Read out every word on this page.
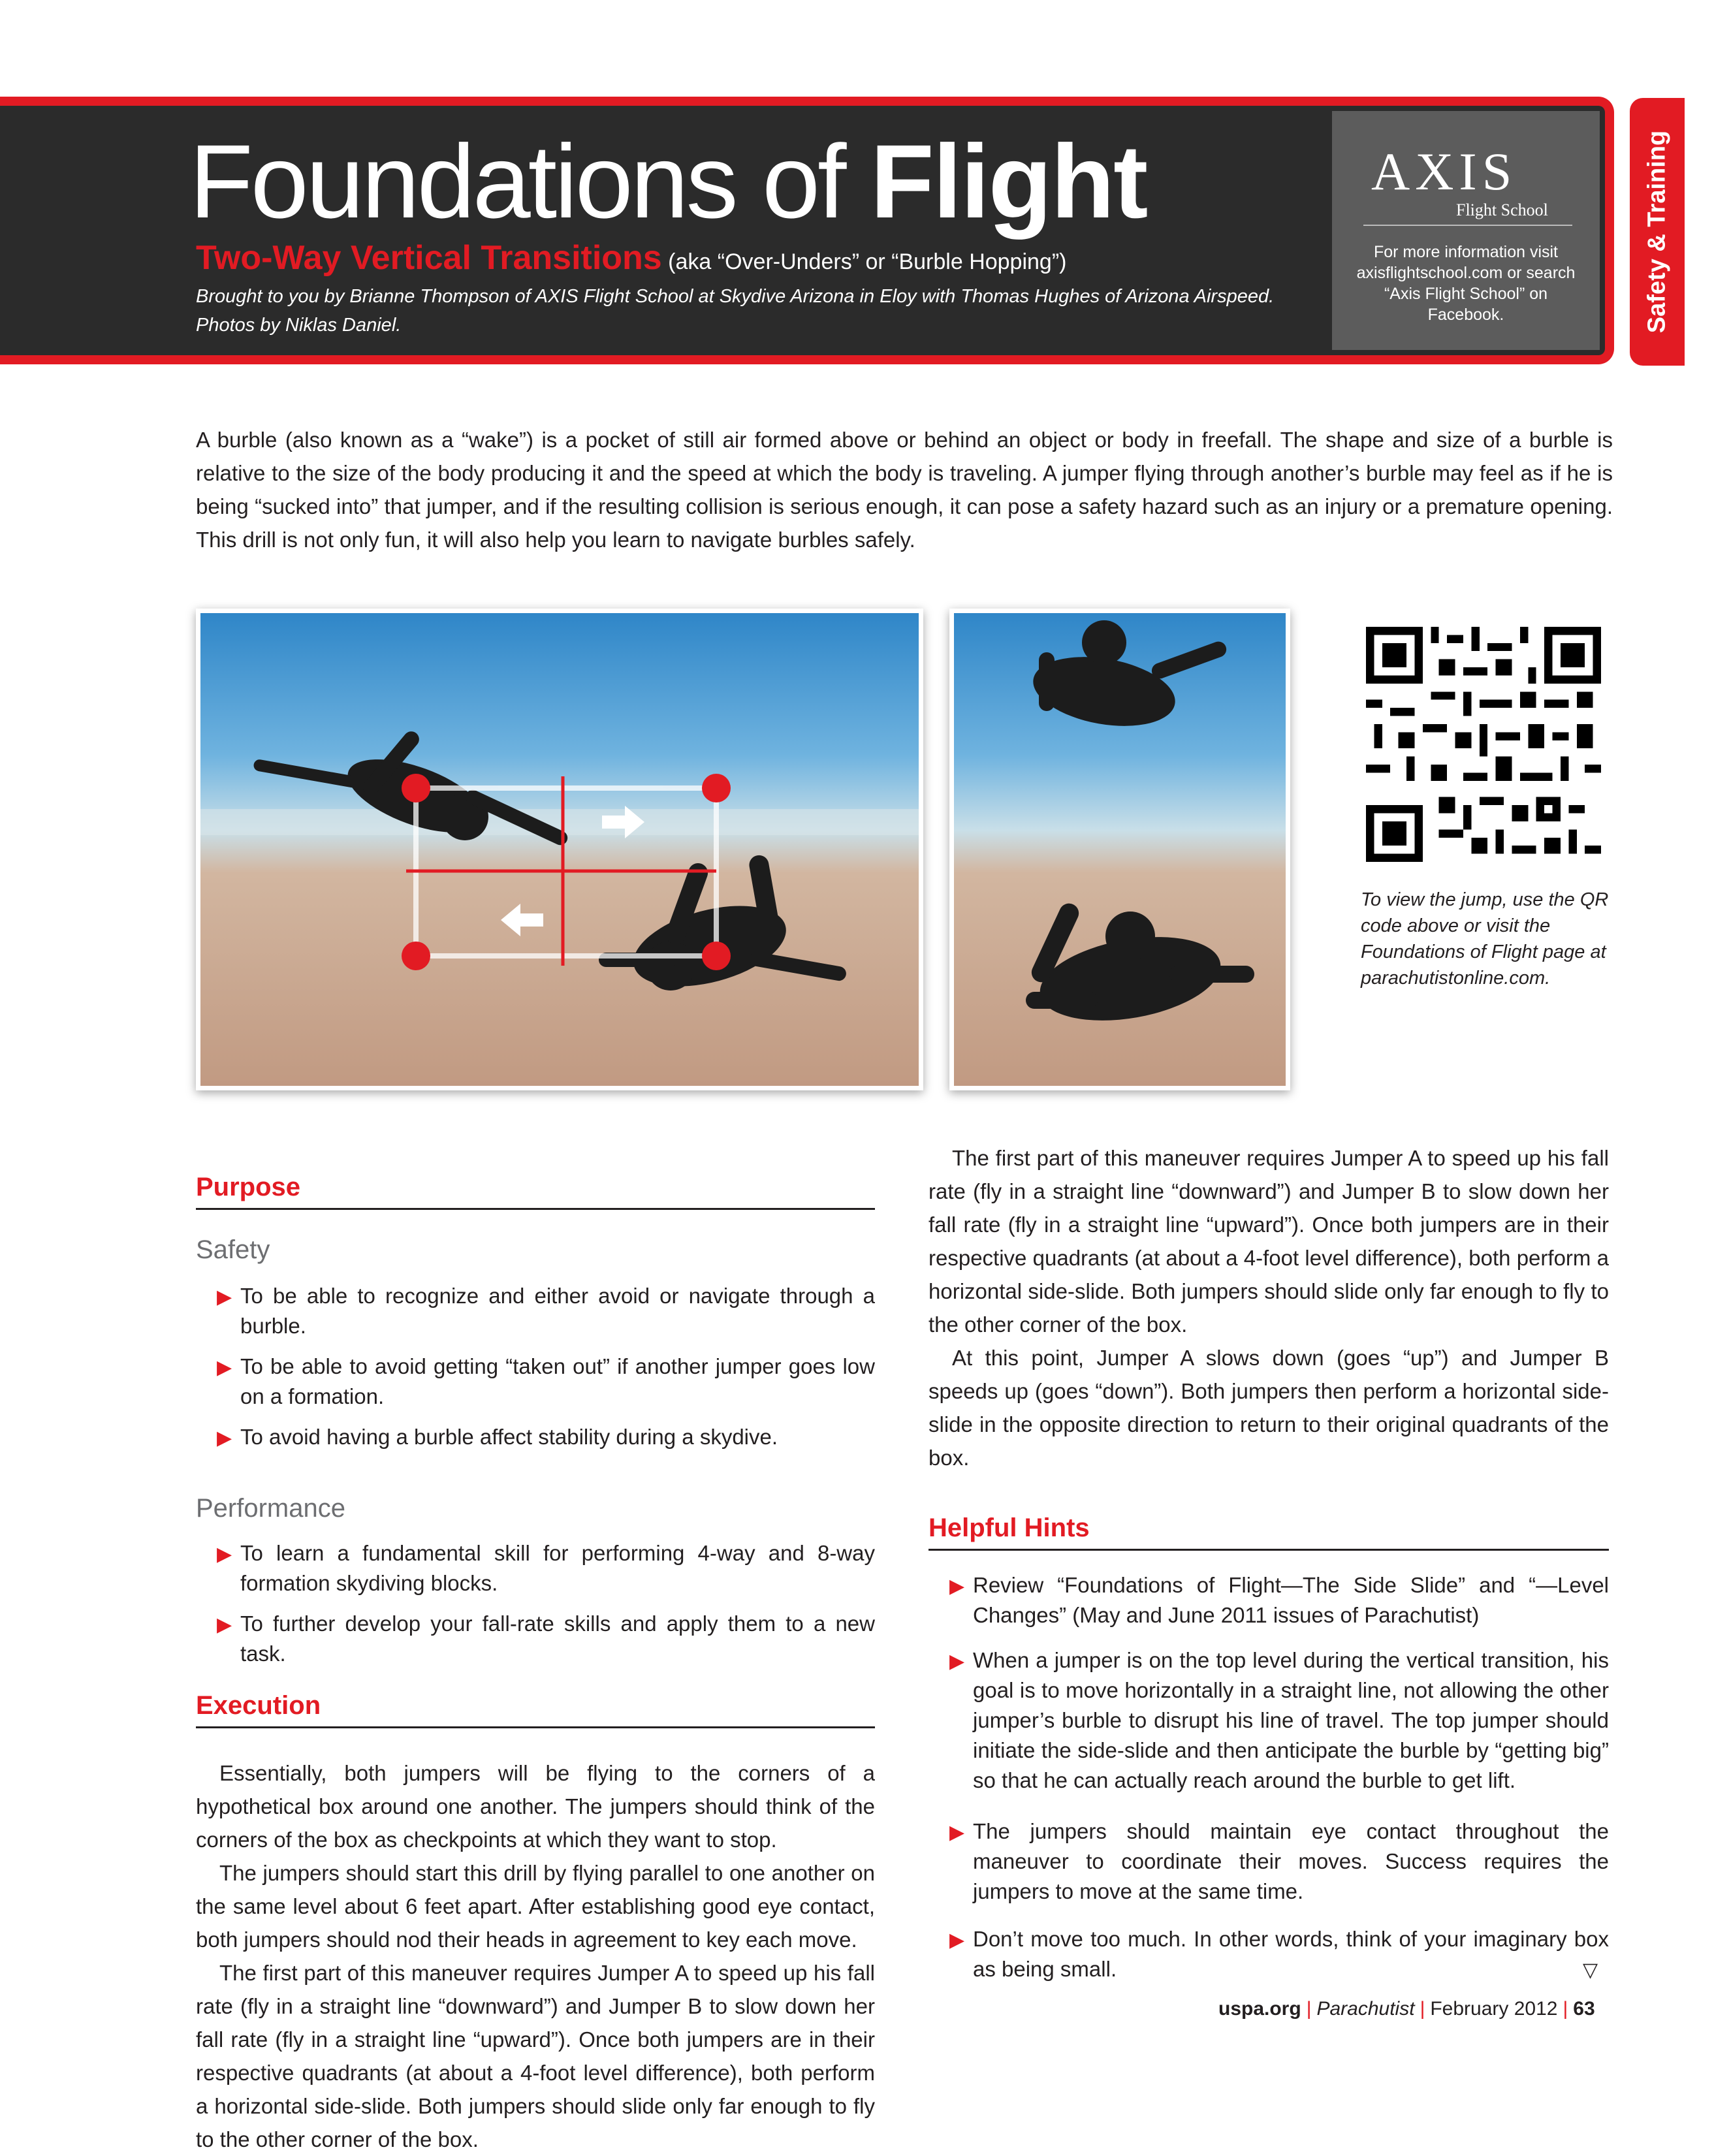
Foundations of Flight
Two-Way Vertical Transitions (aka “Over-Unders” or “Burble Hopping”)
Brought to you by Brianne Thompson of AXIS Flight School at Skydive Arizona in Eloy with Thomas Hughes of Arizona Airspeed. Photos by Niklas Daniel.
AXIS
Flight School
For more information visit axisflightschool.com or search “Axis Flight School” on Facebook.	Safety & Training
A burble (also known as a “wake”) is a pocket of still air formed above or behind an object or body in freefall. The shape and size of a burble is relative to the size of the body producing it and the speed at which the body is traveling. A jumper flying through another’s burble may feel as if he is being “sucked into” that jumper, and if the resulting collision is serious enough, it can pose a safety hazard such as an injury or a premature opening. This drill is not only fun, it will also help you learn to navigate burbles safely.
To view the jump, use the QR code above or visit the Foundations of Flight page at parachutistonline.com.
Purpose
Safety
▶ To be able to recognize and either avoid or navigate through a burble.
▶ To be able to avoid getting “taken out” if another jumper goes low on a formation.
▶ To avoid having a burble affect stability during a skydive.
Performance
▶ To learn a fundamental skill for performing 4-way and 8-way formation skydiving blocks.
▶ To further develop your fall-rate skills and apply them to a new task.
Execution
Essentially, both jumpers will be flying to the corners of a hypothetical box around one another. The jumpers should think of the corners of the box as checkpoints at which they want to stop.
The jumpers should start this drill by flying parallel to one another on the same level about 6 feet apart. After establishing good eye contact, both jumpers should nod their heads in agreement to key each move.
The first part of this maneuver requires Jumper A to speed up his fall rate (fly in a straight line “downward”) and Jumper B to slow down her fall rate (fly in a straight line “upward”). Once both jumpers are in their respective quadrants (at about a 4-foot level difference), both perform a horizontal side-slide. Both jumpers should slide only far enough to fly to the other corner of the box.
The first part of this maneuver requires Jumper A to speed up his fall rate (fly in a straight line “downward”) and Jumper B to slow down her fall rate (fly in a straight line “upward”). Once both jumpers are in their respective quadrants (at about a 4-foot level difference), both perform a horizontal side-slide. Both jumpers should slide only far enough to fly to the other corner of the box.
At this point, Jumper A slows down (goes “up”) and Jumper B speeds up (goes “down”). Both jumpers then perform a horizontal side-slide in the opposite direction to return to their original quadrants of the box.
Helpful Hints
▶ Review “Foundations of Flight—The Side Slide” and “—Level Changes” (May and June 2011 issues of Parachutist)
▶ When a jumper is on the top level during the vertical transition, his goal is to move horizontally in a straight line, not allowing the other jumper’s burble to disrupt his line of travel. The top jumper should initiate the side-slide and then anticipate the burble by “getting big” so that he can actually reach around the burble to get lift.
▶ The jumpers should maintain eye contact throughout the maneuver to coordinate their moves. Success requires the jumpers to move at the same time.
▶ Don’t move too much. In other words, think of your imaginary box as being small.	▽
uspa.org | Parachutist | February 2012 | 63
